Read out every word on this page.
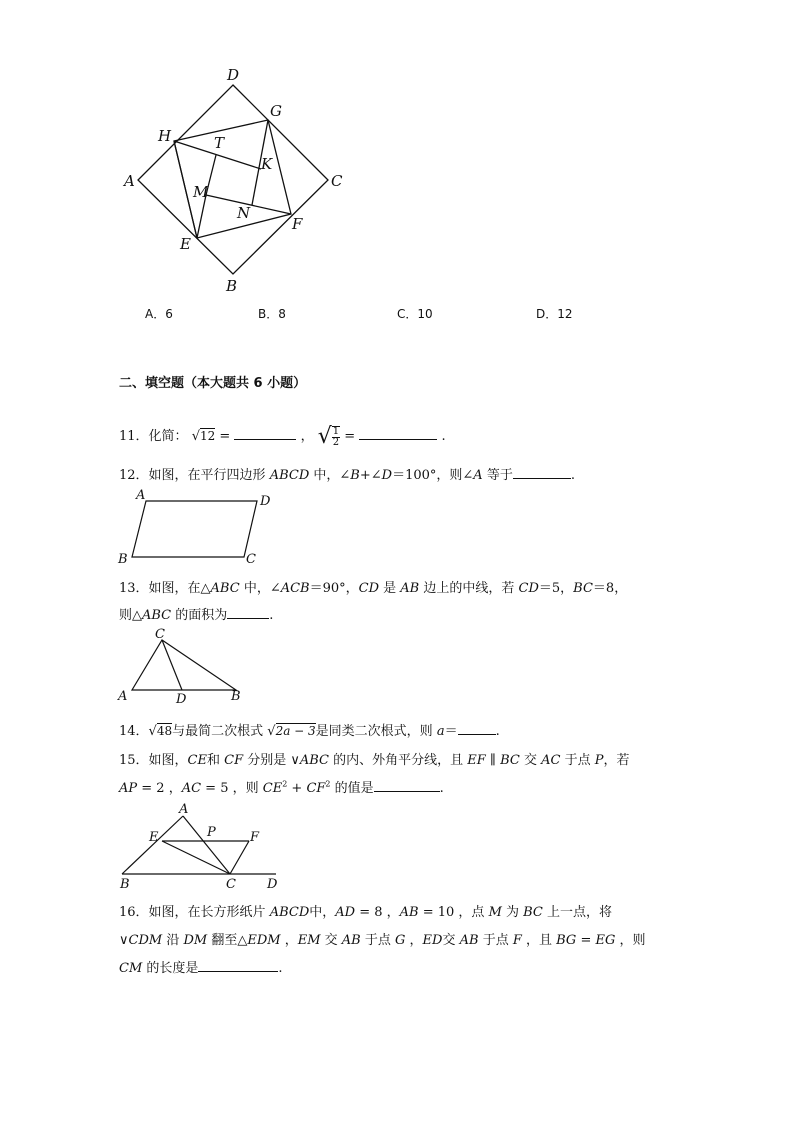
D
G
H	T
K
A	C
M
N
F
E
B
A．6	B．8	C．10	D．12
二、填空题（本大题共 6 小题）
11．化简： √12 =	， √ $\frac{1}{2}$ =	.
12．如图，在平行四边形 ABCD 中，∠B+∠D＝100°，则∠A 等于	.
A	D
B	C
13．如图，在△ABC 中，∠ACB＝90°，CD 是 AB 边上的中线，若 CD＝5，BC＝8，
则△ABC 的面积为	.
C
A	D	B
14．√48与最简二次根式 √2a − 3是同类二次根式，则 a＝	.
15．如图，CE和 CF 分别是 ∨ABC 的内、外角平分线，且 EF ∥ BC 交 AC 于点 P，若
AP = 2 ，AC = 5 ，则 $CE^2 + CF^2$ 的值是	.
A
E	P	F
B	C D
16．如图，在长方形纸片 ABCD中，AD = 8 ，AB = 10 ，点 M 为 BC 上一点，将
∨CDM 沿 DM 翻至△EDM ，EM 交 AB 于点 G ，ED交 AB 于点 F ，且 BG = EG ，则
CM 的长度是	.
